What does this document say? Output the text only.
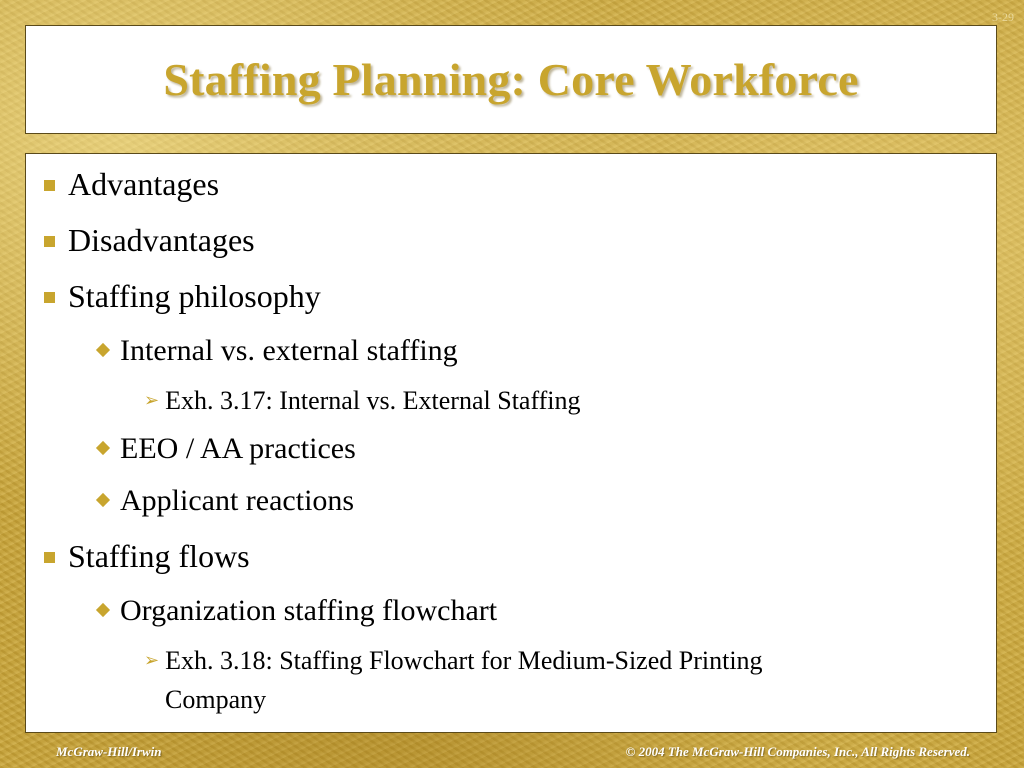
3-29
Staffing Planning: Core Workforce
Advantages
Disadvantages
Staffing philosophy
Internal vs. external staffing
➢ Exh. 3.17: Internal vs. External Staffing
EEO / AA practices
Applicant reactions
Staffing flows
Organization staffing flowchart
➢ Exh. 3.18: Staffing Flowchart for Medium-Sized Printing
Company
McGraw-Hill/Irwin	© 2004 The McGraw-Hill Companies, Inc., All Rights Reserved.
